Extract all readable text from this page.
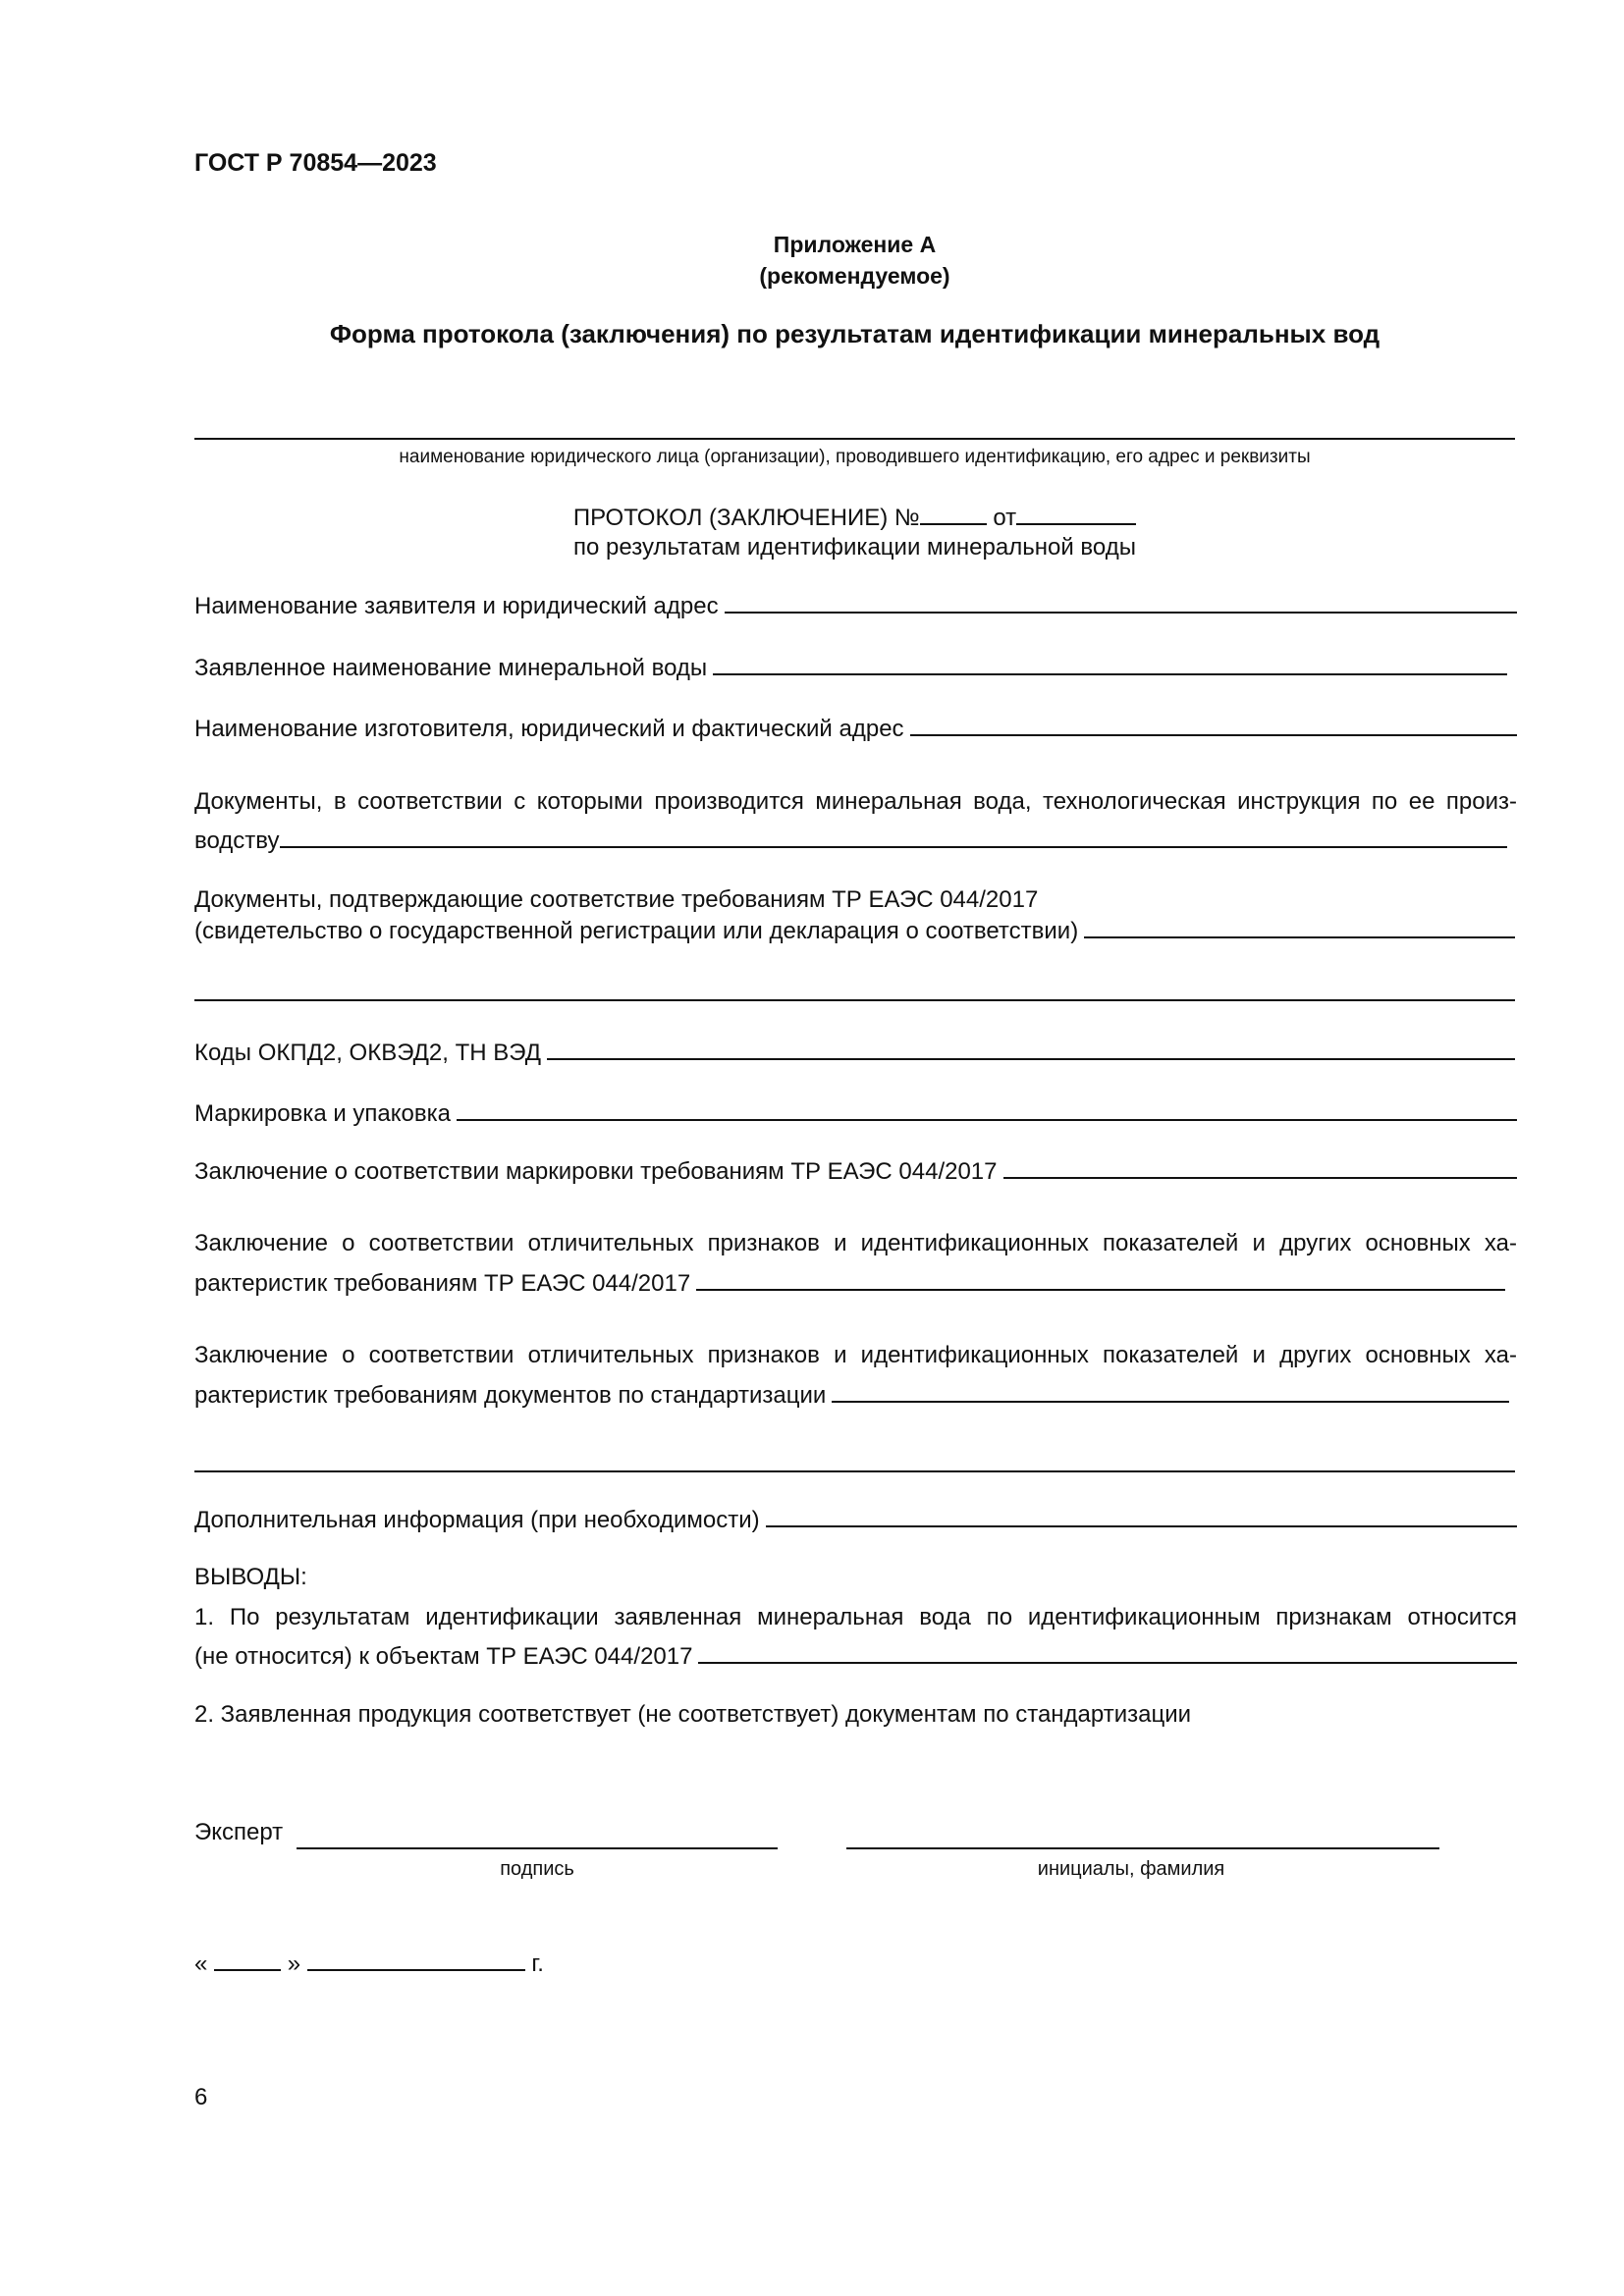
ГОСТ Р 70854—2023
Приложение А
(рекомендуемое)
Форма протокола (заключения) по результатам идентификации минеральных вод
наименование юридического лица (организации), проводившего идентификацию, его адрес и реквизиты
ПРОТОКОЛ (ЗАКЛЮЧЕНИЕ) №	от
по результатам идентификации минеральной воды
Наименование заявителя и юридический адрес
Заявленное наименование минеральной воды
Наименование изготовителя, юридический и фактический адрес
Документы, в соответствии с которыми производится минеральная вода, технологическая инструкция по ее произ-
водству
Документы, подтверждающие соответствие требованиям ТР ЕАЭС 044/2017
(свидетельство о государственной регистрации или декларация о соответствии)
Коды ОКПД2, ОКВЭД2, ТН ВЭД
Маркировка и упаковка
Заключение о соответствии маркировки требованиям ТР ЕАЭС 044/2017
Заключение о соответствии отличительных признаков и идентификационных показателей и других основных ха-
рактеристик требованиям ТР ЕАЭС 044/2017
Заключение о соответствии отличительных признаков и идентификационных показателей и других основных ха-
рактеристик требованиям документов по стандартизации
Дополнительная информация (при необходимости)
ВЫВОДЫ:
1. По результатам идентификации заявленная минеральная вода по идентификационным признакам относится
(не относится) к объектам ТР ЕАЭС 044/2017
2. Заявленная продукция соответствует (не соответствует) документам по стандартизации
Эксперт
подпись	инициалы, фамилия
«	»	г.
6
